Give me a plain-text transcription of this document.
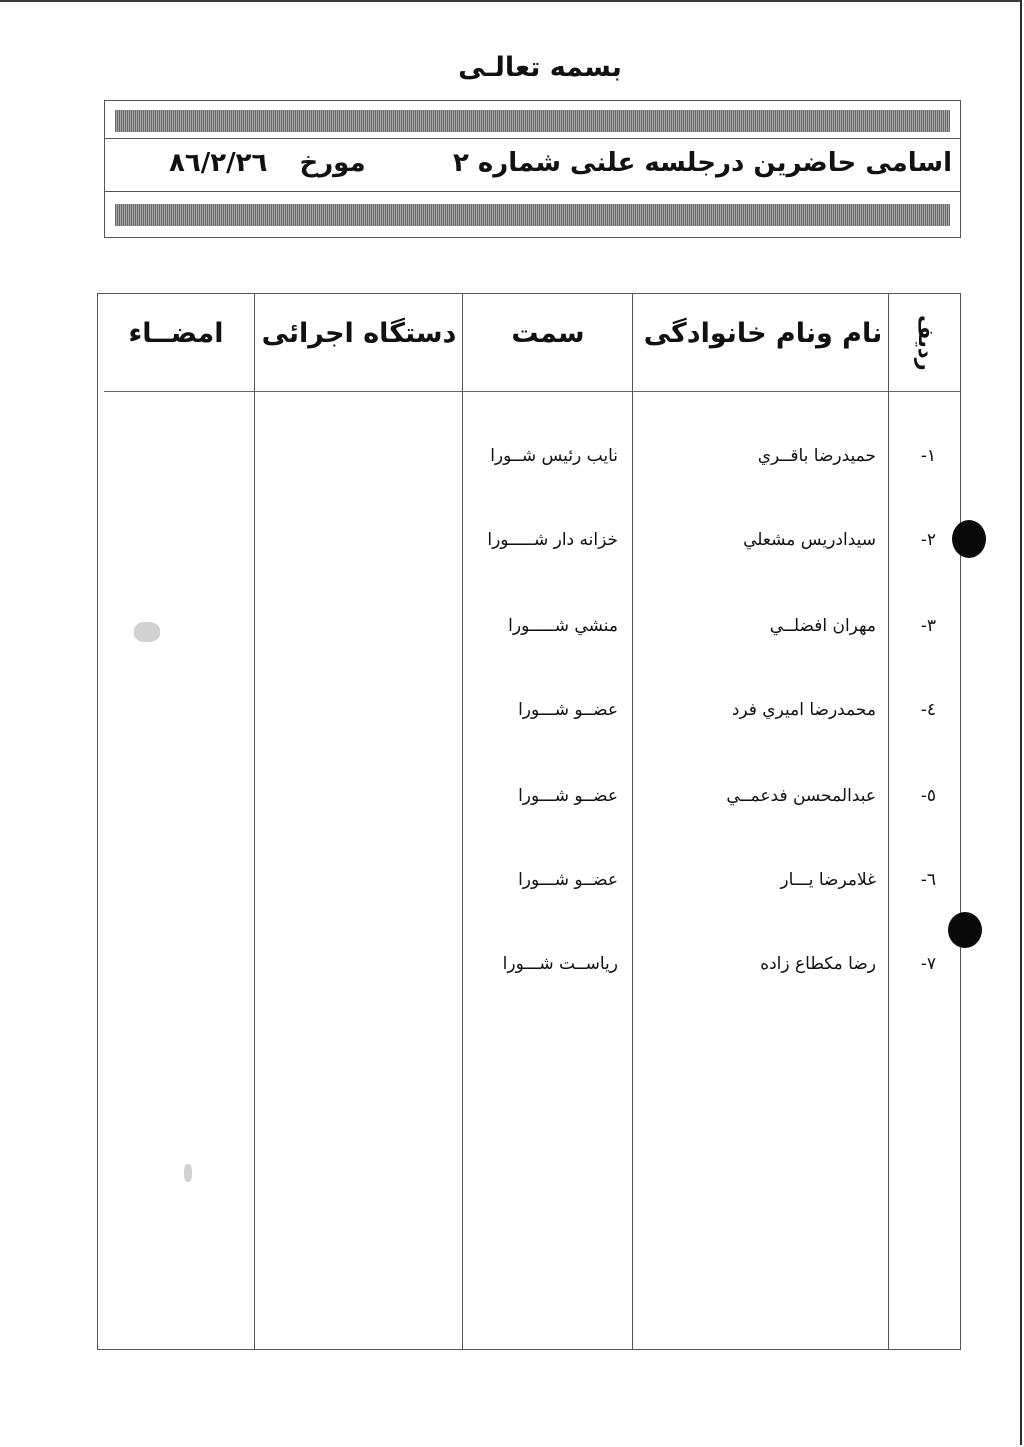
بسمه تعالـی
اسامی حاضرین درجلسه علنی شماره ۲
مورخ  ٨٦/٢/٢٦
ردیف
نام ونام خانوادگی
سمت
دستگاه اجرائی
امضــاء
١-
حميدرضا باقــري
نايب رئيس شــورا
۲-
سيدادريس مشعلي
خزانه دار شـــــورا
۳-
مهران افضلــي
منشي شـــــورا
٤-
محمدرضا اميري فرد
عضــو شـــورا
٥-
عبدالمحسن فدعمــي
عضــو شـــورا
٦-
غلامرضا يـــار
عضــو شـــورا
۷-
رضا مكطاع زاده
رياســت شـــورا
